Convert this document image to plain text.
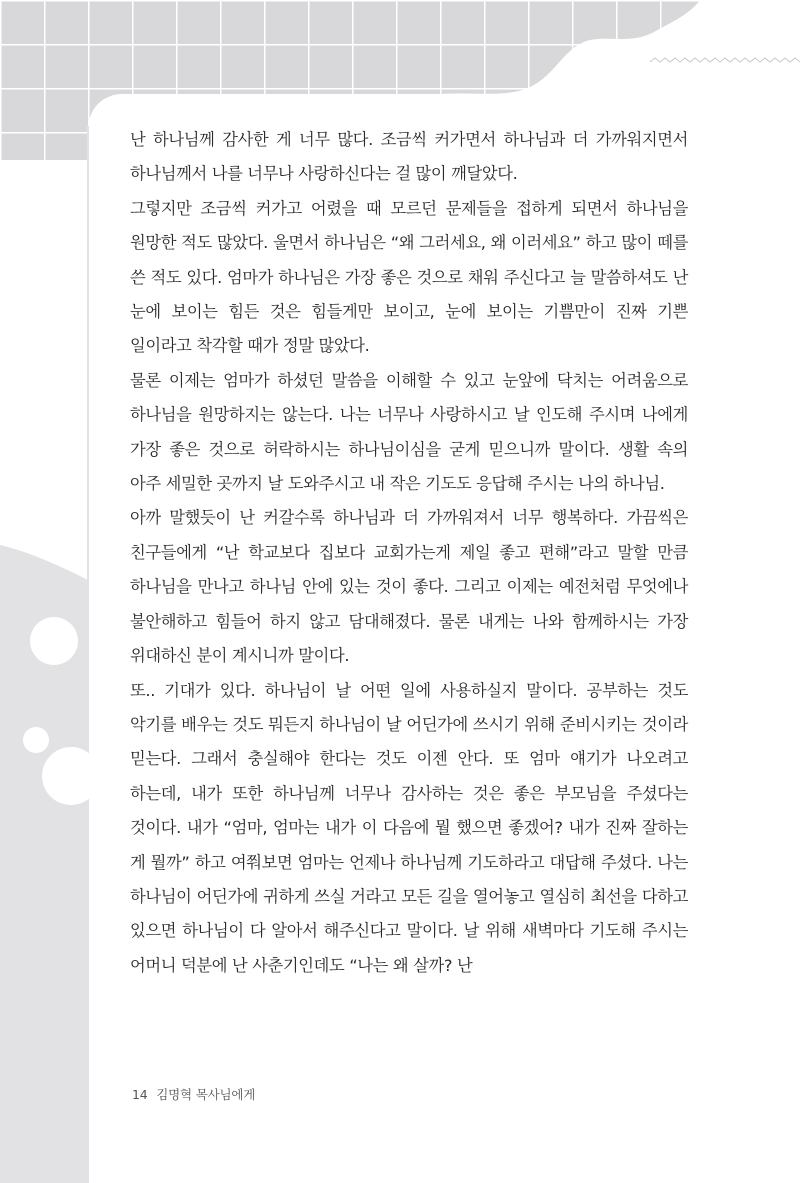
난 하나님께 감사한 게 너무 많다. 조금씩 커가면서 하나님과 더 가까워지면서 하나님께서 나를 너무나 사랑하신다는 걸 많이 깨달았다.

그렇지만 조금씩 커가고 어렸을 때 모르던 문제들을 접하게 되면서 하나님을 원망한 적도 많았다. 울면서 하나님은 “왜 그러세요, 왜 이러세요” 하고 많이 떼를 쓴 적도 있다. 엄마가 하나님은 가장 좋은 것으로 채워 주신다고 늘 말씀하셔도 난 눈에 보이는 힘든 것은 힘들게만 보이고, 눈에 보이는 기쁨만이 진짜 기쁜 일이라고 착각할 때가 정말 많았다.

물론 이제는 엄마가 하셨던 말씀을 이해할 수 있고 눈앞에 닥치는 어려움으로 하나님을 원망하지는 않는다. 나는 너무나 사랑하시고 날 인도해 주시며 나에게 가장 좋은 것으로 허락하시는 하나님이심을 굳게 믿으니까 말이다. 생활 속의 아주 세밀한 곳까지 날 도와주시고 내 작은 기도도 응답해 주시는 나의 하나님.

아까 말했듯이 난 커갈수록 하나님과 더 가까워져서 너무 행복하다. 가끔씩은 친구들에게 “난 학교보다 집보다 교회가는게 제일 좋고 편해”라고 말할 만큼 하나님을 만나고 하나님 안에 있는 것이 좋다. 그리고 이제는 예전처럼 무엇에나 불안해하고 힘들어 하지 않고 담대해졌다. 물론 내게는 나와 함께하시는 가장 위대하신 분이 계시니까 말이다.

또.. 기대가 있다. 하나님이 날 어떤 일에 사용하실지 말이다. 공부하는 것도 악기를 배우는 것도 뭐든지 하나님이 날 어딘가에 쓰시기 위해 준비시키는 것이라 믿는다. 그래서 충실해야 한다는 것도 이젠 안다. 또 엄마 얘기가 나오려고 하는데, 내가 또한 하나님께 너무나 감사하는 것은 좋은 부모님을 주셨다는 것이다. 내가 “엄마, 엄마는 내가 이 다음에 뭘 했으면 좋겠어? 내가 진짜 잘하는 게 뭘까” 하고 여쭤보면 엄마는 언제나 하나님께 기도하라고 대답해 주셨다. 나는 하나님이 어딘가에 귀하게 쓰실 거라고 모든 길을 열어놓고 열심히 최선을 다하고 있으면 하나님이 다 알아서 해주신다고 말이다. 날 위해 새벽마다 기도해 주시는 어머니 덕분에 난 사춘기인데도 “나는 왜 살까? 난

14 김명혁 목사님에게
